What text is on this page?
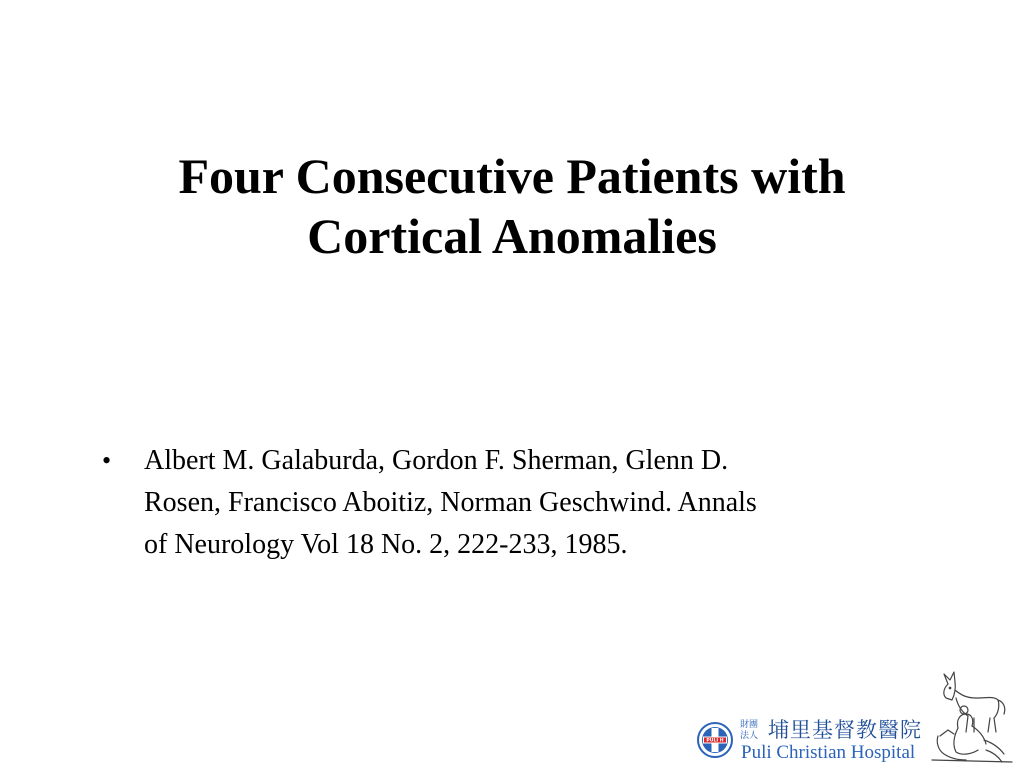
Four Consecutive Patients with
Cortical Anomalies
• Albert M. Galaburda, Gordon F. Sherman, Glenn D.
Rosen, Francisco Aboitiz, Norman Geschwind. Annals
of Neurology Vol 18 No. 2, 222-233, 1985.
PULI H
財團
法人 埔里基督教醫院
Puli Christian Hospital
